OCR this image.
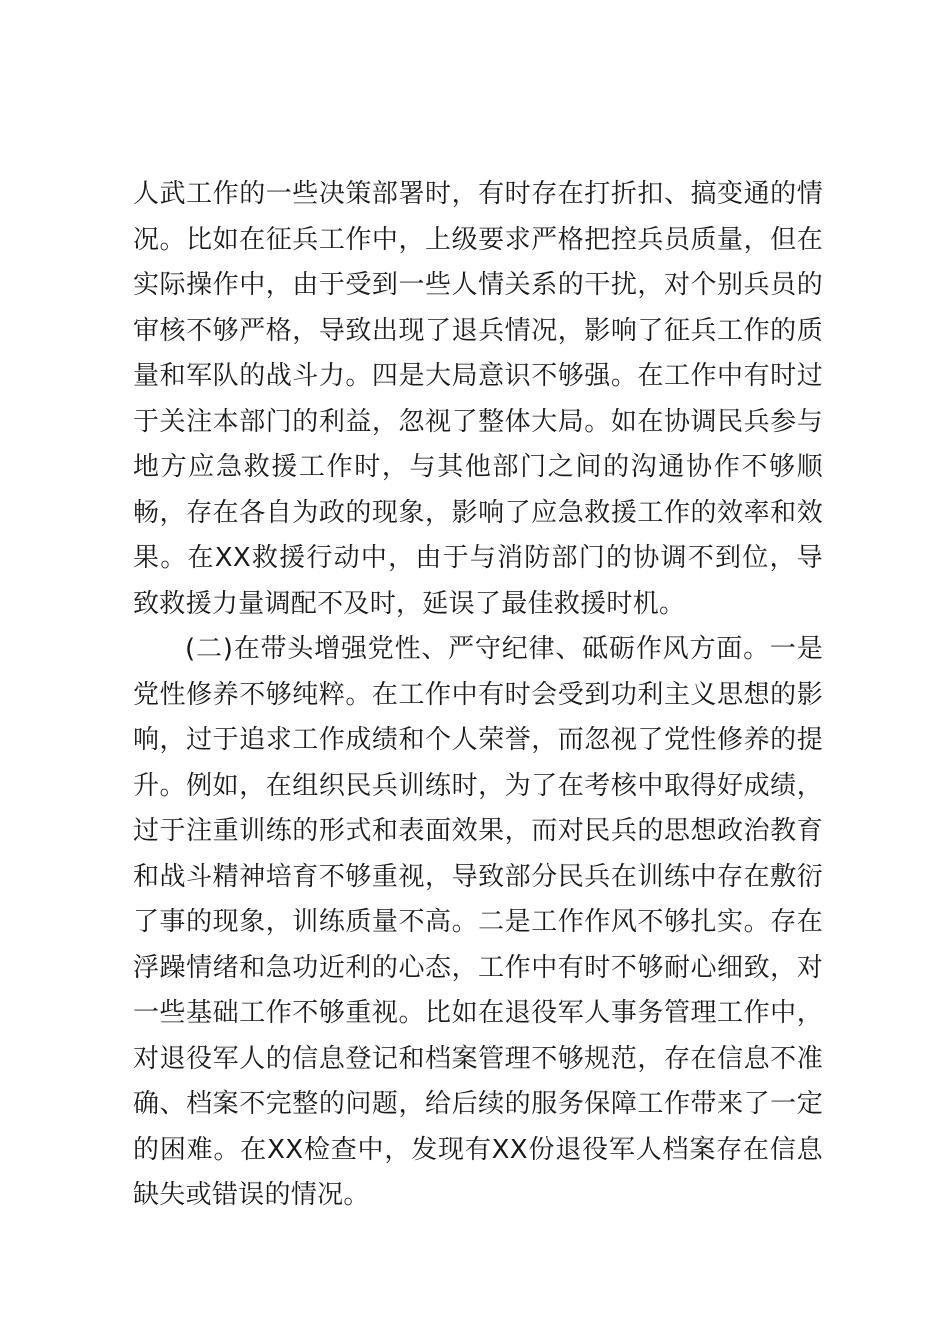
人武工作的一些决策部署时，有时存在打折扣、搞变通的情况。比如在征兵工作中，上级要求严格把控兵员质量，但在实际操作中，由于受到一些人情关系的干扰，对个别兵员的审核不够严格，导致出现了退兵情况，影响了征兵工作的质量和军队的战斗力。四是大局意识不够强。在工作中有时过于关注本部门的利益，忽视了整体大局。如在协调民兵参与地方应急救援工作时，与其他部门之间的沟通协作不够顺畅，存在各自为政的现象，影响了应急救援工作的效率和效果。在XX救援行动中，由于与消防部门的协调不到位，导致救援力量调配不及时，延误了最佳救援时机。

(二)在带头增强党性、严守纪律、砥砺作风方面。一是党性修养不够纯粹。在工作中有时会受到功利主义思想的影响，过于追求工作成绩和个人荣誉，而忽视了党性修养的提升。例如，在组织民兵训练时，为了在考核中取得好成绩，过于注重训练的形式和表面效果，而对民兵的思想政治教育和战斗精神培育不够重视，导致部分民兵在训练中存在敷衍了事的现象，训练质量不高。二是工作作风不够扎实。存在浮躁情绪和急功近利的心态，工作中有时不够耐心细致，对一些基础工作不够重视。比如在退役军人事务管理工作中，对退役军人的信息登记和档案管理不够规范，存在信息不准确、档案不完整的问题，给后续的服务保障工作带来了一定的困难。在XX检查中，发现有XX份退役军人档案存在信息缺失或错误的情况。
